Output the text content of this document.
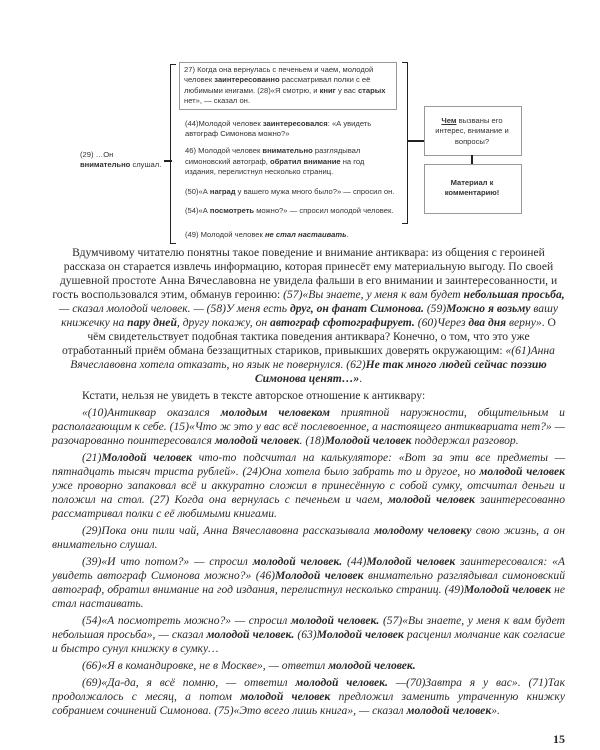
(29) …Он внимательно слушал.
27) Когда она вернулась с печеньем и чаем, молодой человек заинтересованно рассматривал полки с её любимыми книгами. (28)«Я смотрю, и книг у вас старых нет», — сказал он.
(44)Молодой человек заинтересовался: «А увидеть автограф Симонова можно?»
46) Молодой человек внимательно разглядывал симоновский автограф, обратил внимание на год издания, перелистнул несколько страниц.
(50)«А наград у вашего мужа много было?» — спросил он.
(54)«А посмотреть можно?» — спросил молодой человек.
(49) Молодой человек не стал настаивать.
Чем вызваны его интерес, внимание и вопросы?
Материал к комментарию!

Вдумчивому читателю понятны такое поведение и внимание антиквара: из общения с героиней рассказа он старается извлечь информацию, которая принесёт ему материальную выгоду. По своей душевной простоте Анна Вячеславовна не увидела фальши в его внимании и заинтересованности, и гость воспользовался этим, обманув героиню: (57)«Вы знаете, у меня к вам будет небольшая просьба, — сказал молодой человек. — (58)У меня есть друг, он фанат Симонова. (59)Можно я возьму вашу книжечку на пару дней, другу покажу, он автограф сфотографирует. (60)Через два дня верну». О чём свидетельствует подобная тактика поведения антиквара? Конечно, о том, что это уже отработанный приём обмана беззащитных стариков, привыкших доверять окружающим: «(61)Анна Вячеславовна хотела отказать, но язык не повернулся. (62)Не так много людей сейчас поэзию Симонова ценят…».

Кстати, нельзя не увидеть в тексте авторское отношение к антиквару:

«(10)Антиквар оказался молодым человеком приятной наружности, общительным и располагающим к себе. (15)«Что ж это у вас всё послевоенное, а настоящего антиквариата нет?» — разочарованно поинтересовался молодой человек. (18)Молодой человек поддержал разговор.

(21)Молодой человек что-то подсчитал на калькуляторе: «Вот за эти все предметы — пятнадцать тысяч триста рублей». (24)Она хотела было забрать то и другое, но молодой человек уже проворно запаковал всё и аккуратно сложил в принесённую с собой сумку, отсчитал деньги и положил на стол. (27) Когда она вернулась с печеньем и чаем, молодой человек заинтересованно рассматривал полки с её любимыми книгами.

(29)Пока они пили чай, Анна Вячеславовна рассказывала молодому человеку свою жизнь, а он внимательно слушал.

(39)«И что потом?» — спросил молодой человек. (44)Молодой человек заинтересовался: «А увидеть автограф Симонова можно?» (46)Молодой человек внимательно разглядывал симоновский автограф, обратил внимание на год издания, перелистнул несколько страниц. (49)Молодой человек не стал настаивать.

(54)«А посмотреть можно?» — спросил молодой человек. (57)«Вы знаете, у меня к вам будет небольшая просьба», — сказал молодой человек. (63)Молодой человек расценил молчание как согласие и быстро сунул книжку в сумку…

(66)«Я в командировке, не в Москве», — ответил молодой человек.

(69)«Да-да, я всё помню, — ответил молодой человек. —(70)Завтра я у вас». (71)Так продолжалось с месяц, а потом молодой человек предложил заменить утраченную книжку собранием сочинений Симонова. (75)«Это всего лишь книга», — сказал молодой человек».

15
